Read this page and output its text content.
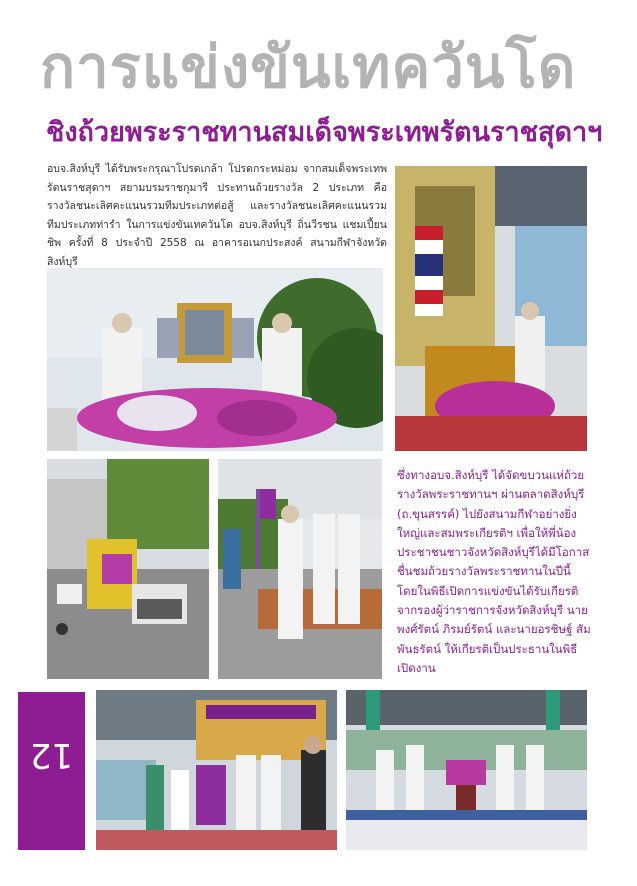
การแข่งขันเทควันโด
ชิงถ้วยพระราชทานสมเด็จพระเทพรัตนราชสุดาฯ
อบจ.สิงห์บุรี ได้รับพระกรุณาโปรดเกล้า โปรดกระหม่อม จากสมเด็จพระเทพรัตนราชสุดาฯ สยามบรมราชกุมารี ประทานถ้วยรางวัล 2 ประเภท คือ รางวัลชนะเลิศคะแนนรวมทีมประเภทต่อสู้ และรางวัลชนะเลิศคะแนนรวมทีมประเภทท่ารำ ในการแข่งขันเทควันโด อบจ.สิงห์บุรี ถิ่นวีรชน แชมเปี้ยนชิพ ครั้งที่ 8 ประจำปี 2558 ณ อาคารอเนกประสงค์ สนามกีฬาจังหวัดสิงห์บุรี
ซึ่งทางอบจ.สิงห์บุรี ได้จัดขบวนแห่ถ้วยรางวัลพระราชทานฯ ผ่านตลาดสิงห์บุรี (ถ.ขุนสรรค์) ไปยังสนามกีฬาอย่างยิ่งใหญ่และสมพระเกียรติฯ เพื่อให้พี่น้องประชาชนชาวจังหวัดสิงห์บุรีได้มีโอกาสชื่นชมถ้วยรางวัลพระราชทานในปีนี้ โดยในพิธีเปิดการแข่งขันได้รับเกียรติจากรองผู้ว่าราชการจังหวัดสิงห์บุรี นายพงศ์รัตน์ ภิรมย์รัตน์ และนายอรชิษฐ์ สัมพันธรัตน์ ให้เกียรติเป็นประธานในพิธีเปิดงาน
12
